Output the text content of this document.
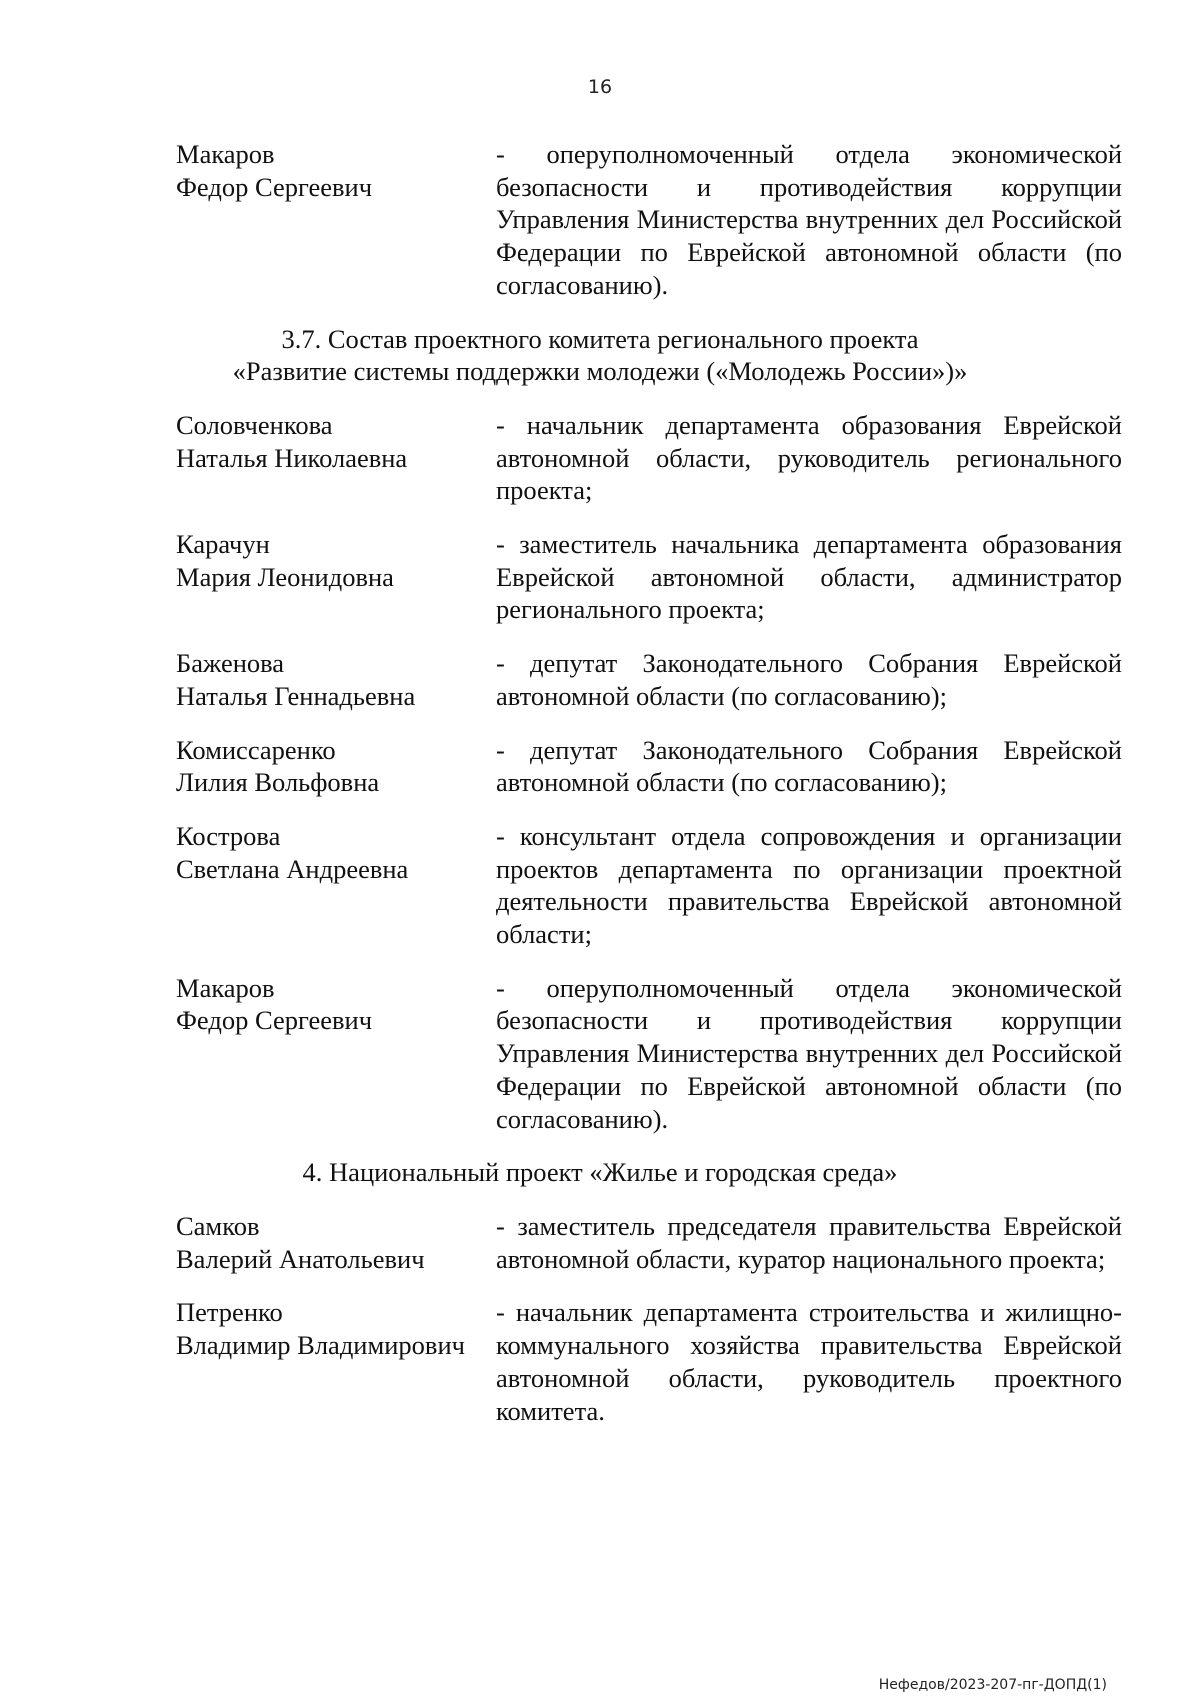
16
Макаров
Федор Сергеевич
- оперуполномоченный отдела экономической безопасности и противодействия коррупции Управления Министерства внутренних дел Российской Федерации по Еврейской автономной области (по согласованию).
3.7. Состав проектного комитета регионального проекта
«Развитие системы поддержки молодежи («Молодежь России»)»
Соловченкова
Наталья Николаевна
- начальник департамента образования Еврейской автономной области, руководитель регионального проекта;
Карачун
Мария Леонидовна
- заместитель начальника департамента образования Еврейской автономной области, администратор регионального проекта;
Баженова
Наталья Геннадьевна
- депутат Законодательного Собрания Еврейской автономной области (по согласованию);
Комиссаренко
Лилия Вольфовна
- депутат Законодательного Собрания Еврейской автономной области (по согласованию);
Кострова
Светлана Андреевна
- консультант отдела сопровождения и организации проектов департамента по организации проектной деятельности правительства Еврейской автономной области;
Макаров
Федор Сергеевич
- оперуполномоченный отдела экономической безопасности и противодействия коррупции Управления Министерства внутренних дел Российской Федерации по Еврейской автономной области (по согласованию).
4. Национальный проект «Жилье и городская среда»
Самков
Валерий Анатольевич
- заместитель председателя правительства Еврейской автономной области, куратор национального проекта;
Петренко
Владимир Владимирович
- начальник департамента строительства и жилищно-коммунального хозяйства правительства Еврейской автономной области, руководитель проектного комитета.
Нефедов/2023-207-пг-ДОПД(1)
